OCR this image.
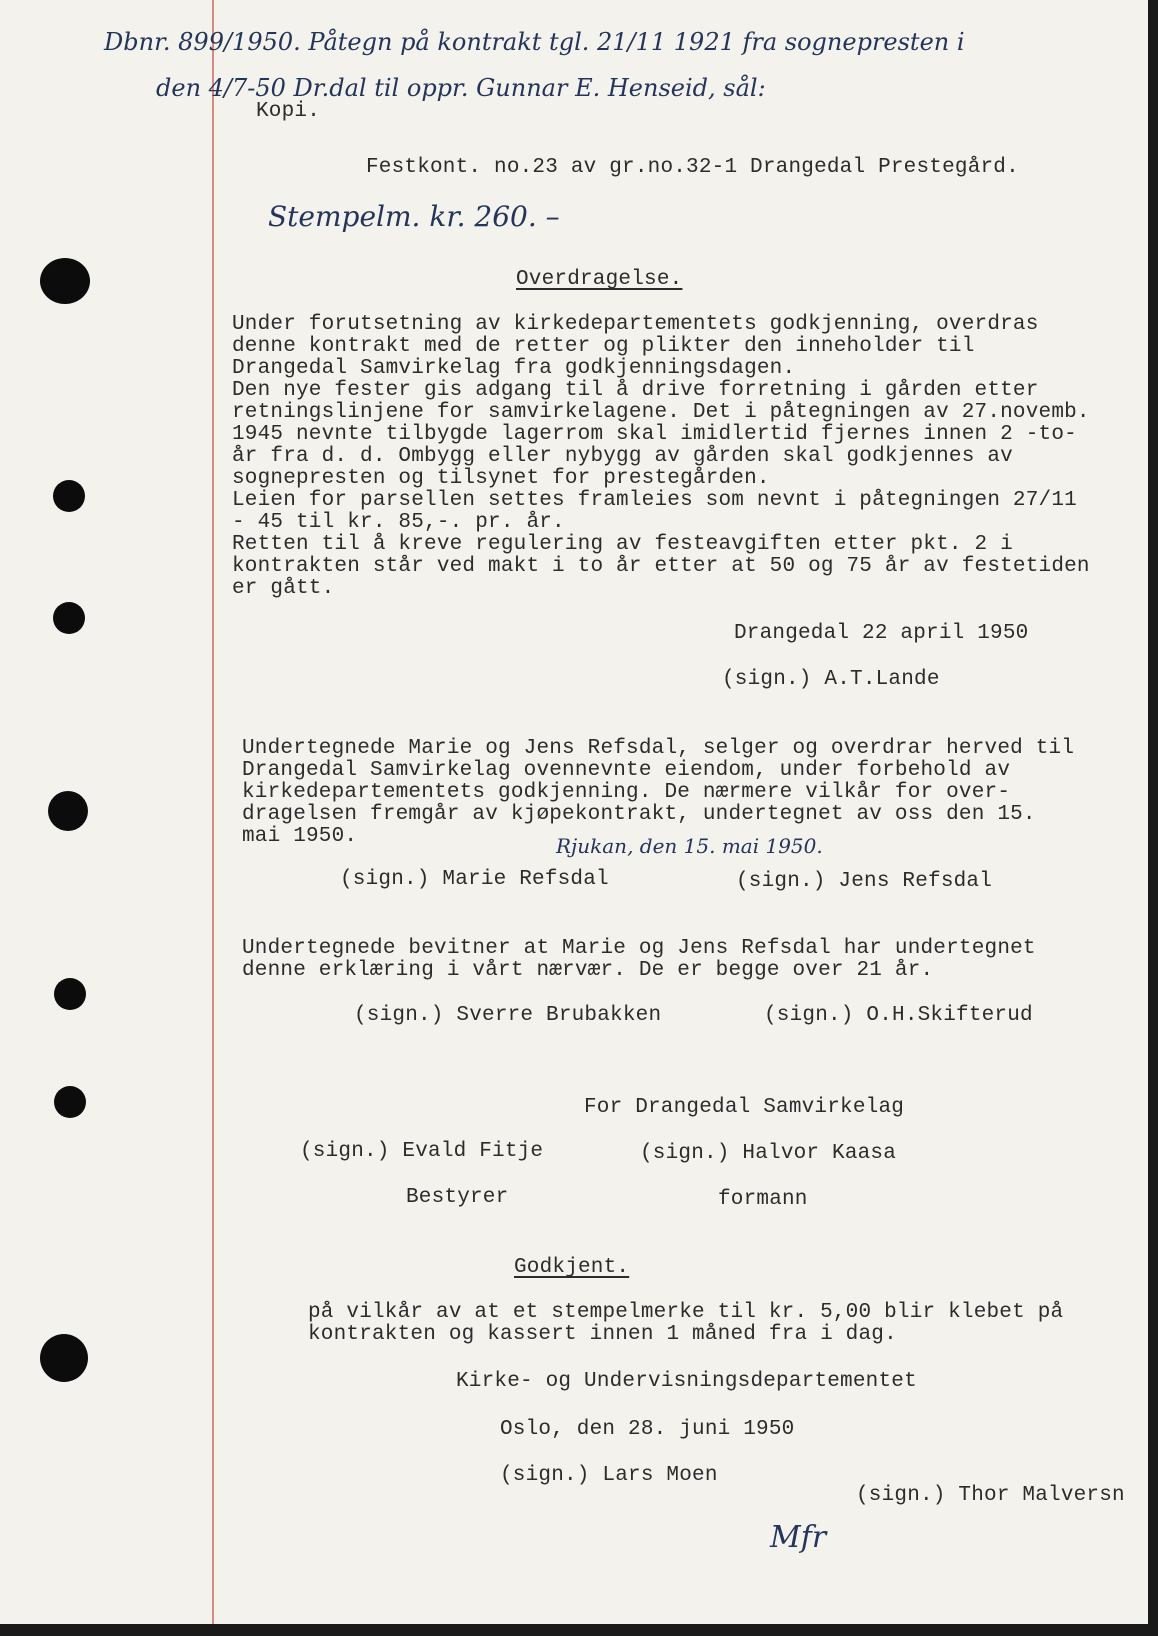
Dbnr. 899/1950. Påtegn på kontrakt tgl. 21/11 1921 fra sognepresten i
den 4/7-50 Dr.dal til oppr. Gunnar E. Henseid, sål:
Kopi.
Festkont. no.23 av gr.no.32-1 Drangedal Prestegård.
Stempelm. kr. 260. –
Overdragelse.
Under forutsetning av kirkedepartementets godkjenning, overdras
denne kontrakt med de retter og plikter den inneholder til
Drangedal Samvirkelag fra godkjenningsdagen.
Den nye fester gis adgang til å drive forretning i gården etter
retningslinjene for samvirkelagene. Det i påtegningen av 27.novemb.
1945 nevnte tilbygde lagerrom skal imidlertid fjernes innen 2 -to-
år fra d. d. Ombygg eller nybygg av gården skal godkjennes av
sognepresten og tilsynet for prestegården.
Leien for parsellen settes framleies som nevnt i påtegningen 27/11
- 45 til kr. 85,-. pr. år.
Retten til å kreve regulering av festeavgiften etter pkt. 2 i
kontrakten står ved makt i to år etter at 50 og 75 år av festetiden
er gått.
Drangedal 22 april 1950
(sign.) A.T.Lande
Undertegnede Marie og Jens Refsdal, selger og overdrar herved til
Drangedal Samvirkelag ovennevnte eiendom, under forbehold av
kirkedepartementets godkjenning. De nærmere vilkår for over-
dragelsen fremgår av kjøpekontrakt, undertegnet av oss den 15.
mai 1950.	Rjukan, den 15. mai 1950.
(sign.) Marie Refsdal	(sign.) Jens Refsdal
Undertegnede bevitner at Marie og Jens Refsdal har undertegnet
denne erklæring i vårt nærvær. De er begge over 21 år.
(sign.) Sverre Brubakken	(sign.) O.H.Skifterud
For Drangedal Samvirkelag
(sign.) Evald Fitje	(sign.) Halvor Kaasa
Bestyrer	formann
Godkjent.
på vilkår av at et stempelmerke til kr. 5,00 blir klebet på
kontrakten og kassert innen 1 måned fra i dag.
Kirke- og Undervisningsdepartementet
Oslo, den 28. juni 1950
(sign.) Lars Moen
(sign.) Thor Malversn
Mfr
